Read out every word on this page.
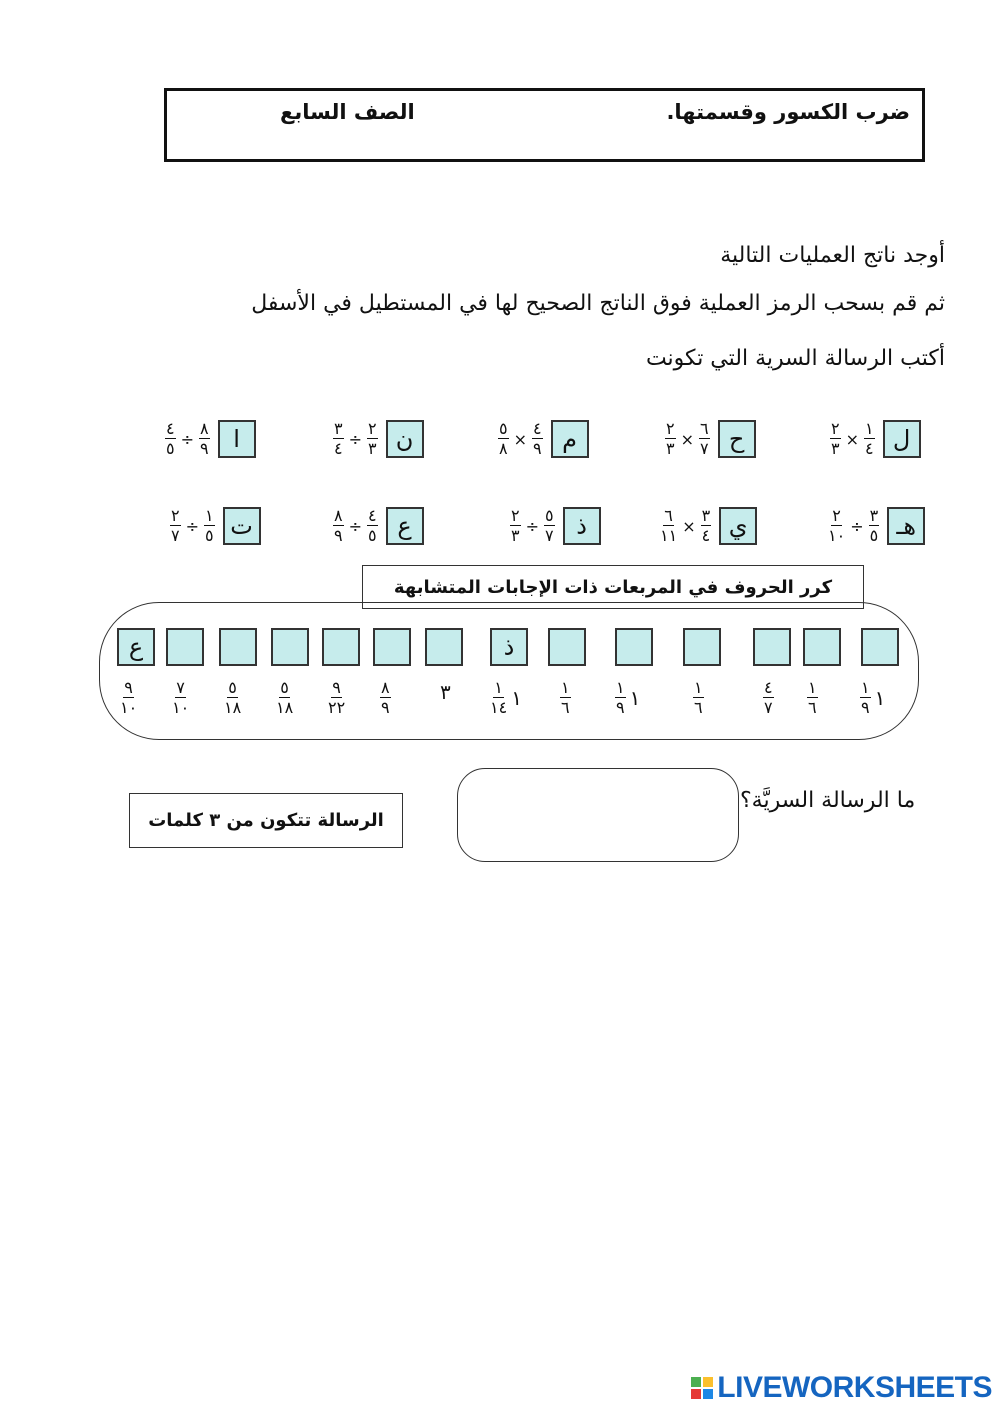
ضرب الكسور وقسمتها.
الصف السابع
أوجد ناتج العمليات التالية
ثم قم بسحب الرمز العملية فوق الناتج الصحيح لها في المستطيل في الأسفل
أكتب الرسالة السرية التي تكونت
$\frac{٢}{٣} \times \frac{١}{٤}$ ل
$\frac{٢}{٣} \times \frac{٦}{٧}$ ح
$\frac{٥}{٨} \times \frac{٤}{٩}$ م
$\frac{٣}{٤} \div \frac{٢}{٣}$ ن
$\frac{٤}{٥} \div \frac{٨}{٩}$ ا
$\frac{٢}{١٠} \div \frac{٣}{٥}$ هـ
$\frac{٦}{١١} \times \frac{٣}{٤}$ ي
$\frac{٢}{٣} \div \frac{٥}{٧}$ ذ
$\frac{٨}{٩} \div \frac{٤}{٥}$ ع
$\frac{٢}{٧} \div \frac{١}{٥}$ ت
كرر الحروف في المربعات ذات الإجابات المتشابهة
ع
$\frac{٩}{١٠} \frac{٧}{١٠} \frac{٥}{١٨} \frac{٥}{١٨} \frac{٩}{٢٢} \frac{٨}{٩}$ ٣
ذ
$\frac{١}{١٤}$ ١ $\frac{١}{٦}$	$\frac{١}{٩}$ ١	$\frac{١}{٦}$	$\frac{٤}{٧} \frac{١}{٦}$	$\frac{١}{٩}$ ١
ما الرسالة السريَّة؟
الرسالة تتكون من ٣ كلمات
LIVEWORKSHEETS
